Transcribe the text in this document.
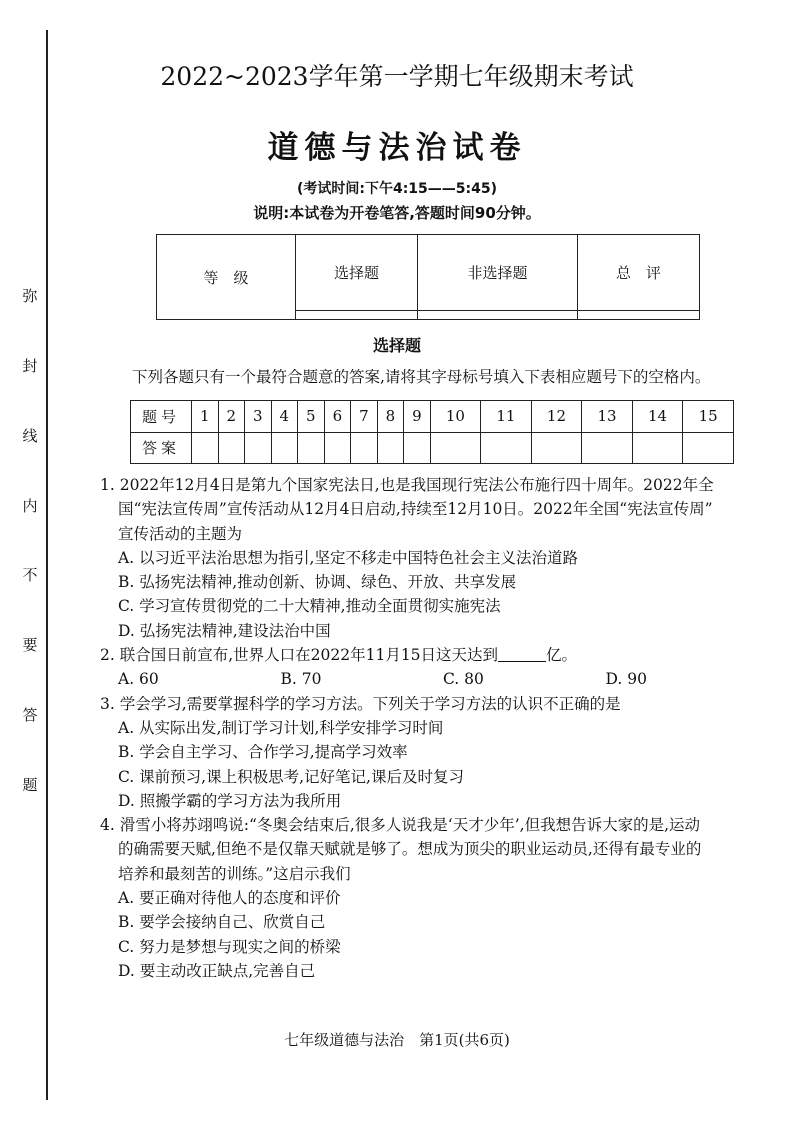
弥
封
线
内
不
要
答
题
2022~2023学年第一学期七年级期末考试
道德与法治试卷
(考试时间:下午4:15——5:45)
说明:本试卷为开卷笔答,答题时间90分钟。
等　级	选择题	非选择题	总　评

选择题
下列各题只有一个最符合题意的答案,请将其字母标号填入下表相应题号下的空格内。
题号	1	2	3	4	5	6	7	8	9	10	11	12	13	14	15
答案															
1. 2022年12月4日是第九个国家宪法日,也是我国现行宪法公布施行四十周年。2022年全
国“宪法宣传周”宣传活动从12月4日启动,持续至12月10日。2022年全国“宪法宣传周”
宣传活动的主题为
A. 以习近平法治思想为指引,坚定不移走中国特色社会主义法治道路
B. 弘扬宪法精神,推动创新、协调、绿色、开放、共享发展
C. 学习宣传贯彻党的二十大精神,推动全面贯彻实施宪法
D. 弘扬宪法精神,建设法治中国
2. 联合国日前宣布,世界人口在2022年11月15日这天达到	亿。
A. 60	B. 70	C. 80	D. 90
3. 学会学习,需要掌握科学的学习方法。下列关于学习方法的认识不正确的是
A. 从实际出发,制订学习计划,科学安排学习时间
B. 学会自主学习、合作学习,提高学习效率
C. 课前预习,课上积极思考,记好笔记,课后及时复习
D. 照搬学霸的学习方法为我所用
4. 滑雪小将苏翊鸣说:“冬奥会结束后,很多人说我是‘天才少年’,但我想告诉大家的是,运动
的确需要天赋,但绝不是仅靠天赋就是够了。想成为顶尖的职业运动员,还得有最专业的
培养和最刻苦的训练。”这启示我们
A. 要正确对待他人的态度和评价
B. 要学会接纳自己、欣赏自己
C. 努力是梦想与现实之间的桥梁
D. 要主动改正缺点,完善自己
七年级道德与法治　第1页(共6页)
